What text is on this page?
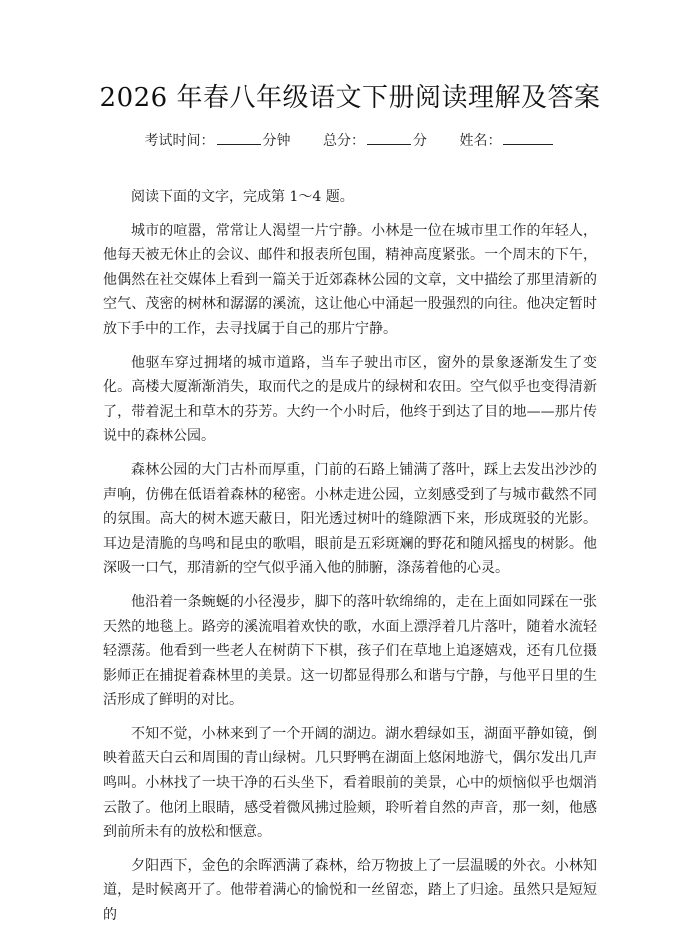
2026 年春八年级语文下册阅读理解及答案
考试时间：	分钟 总分：	分 姓名：

阅读下面的文字，完成第 1～4 题。

城市的喧嚣，常常让人渴望一片宁静。小林是一位在城市里工作的年轻人，他每天被无休止的会议、邮件和报表所包围，精神高度紧张。一个周末的下午，他偶然在社交媒体上看到一篇关于近郊森林公园的文章，文中描绘了那里清新的空气、茂密的树林和潺潺的溪流，这让他心中涌起一股强烈的向往。他决定暂时放下手中的工作，去寻找属于自己的那片宁静。

他驱车穿过拥堵的城市道路，当车子驶出市区，窗外的景象逐渐发生了变化。高楼大厦渐渐消失，取而代之的是成片的绿树和农田。空气似乎也变得清新了，带着泥土和草木的芬芳。大约一个小时后，他终于到达了目的地——那片传说中的森林公园。

森林公园的大门古朴而厚重，门前的石路上铺满了落叶，踩上去发出沙沙的声响，仿佛在低语着森林的秘密。小林走进公园，立刻感受到了与城市截然不同的氛围。高大的树木遮天蔽日，阳光透过树叶的缝隙洒下来，形成斑驳的光影。耳边是清脆的鸟鸣和昆虫的歌唱，眼前是五彩斑斓的野花和随风摇曳的树影。他深吸一口气，那清新的空气似乎涌入他的肺腑，涤荡着他的心灵。

他沿着一条蜿蜒的小径漫步，脚下的落叶软绵绵的，走在上面如同踩在一张天然的地毯上。路旁的溪流唱着欢快的歌，水面上漂浮着几片落叶，随着水流轻轻漂荡。他看到一些老人在树荫下下棋，孩子们在草地上追逐嬉戏，还有几位摄影师正在捕捉着森林里的美景。这一切都显得那么和谐与宁静，与他平日里的生活形成了鲜明的对比。

不知不觉，小林来到了一个开阔的湖边。湖水碧绿如玉，湖面平静如镜，倒映着蓝天白云和周围的青山绿树。几只野鸭在湖面上悠闲地游弋，偶尔发出几声鸣叫。小林找了一块干净的石头坐下，看着眼前的美景，心中的烦恼似乎也烟消云散了。他闭上眼睛，感受着微风拂过脸颊，聆听着自然的声音，那一刻，他感到前所未有的放松和惬意。

夕阳西下，金色的余晖洒满了森林，给万物披上了一层温暖的外衣。小林知道，是时候离开了。他带着满心的愉悦和一丝留恋，踏上了归途。虽然只是短短的
